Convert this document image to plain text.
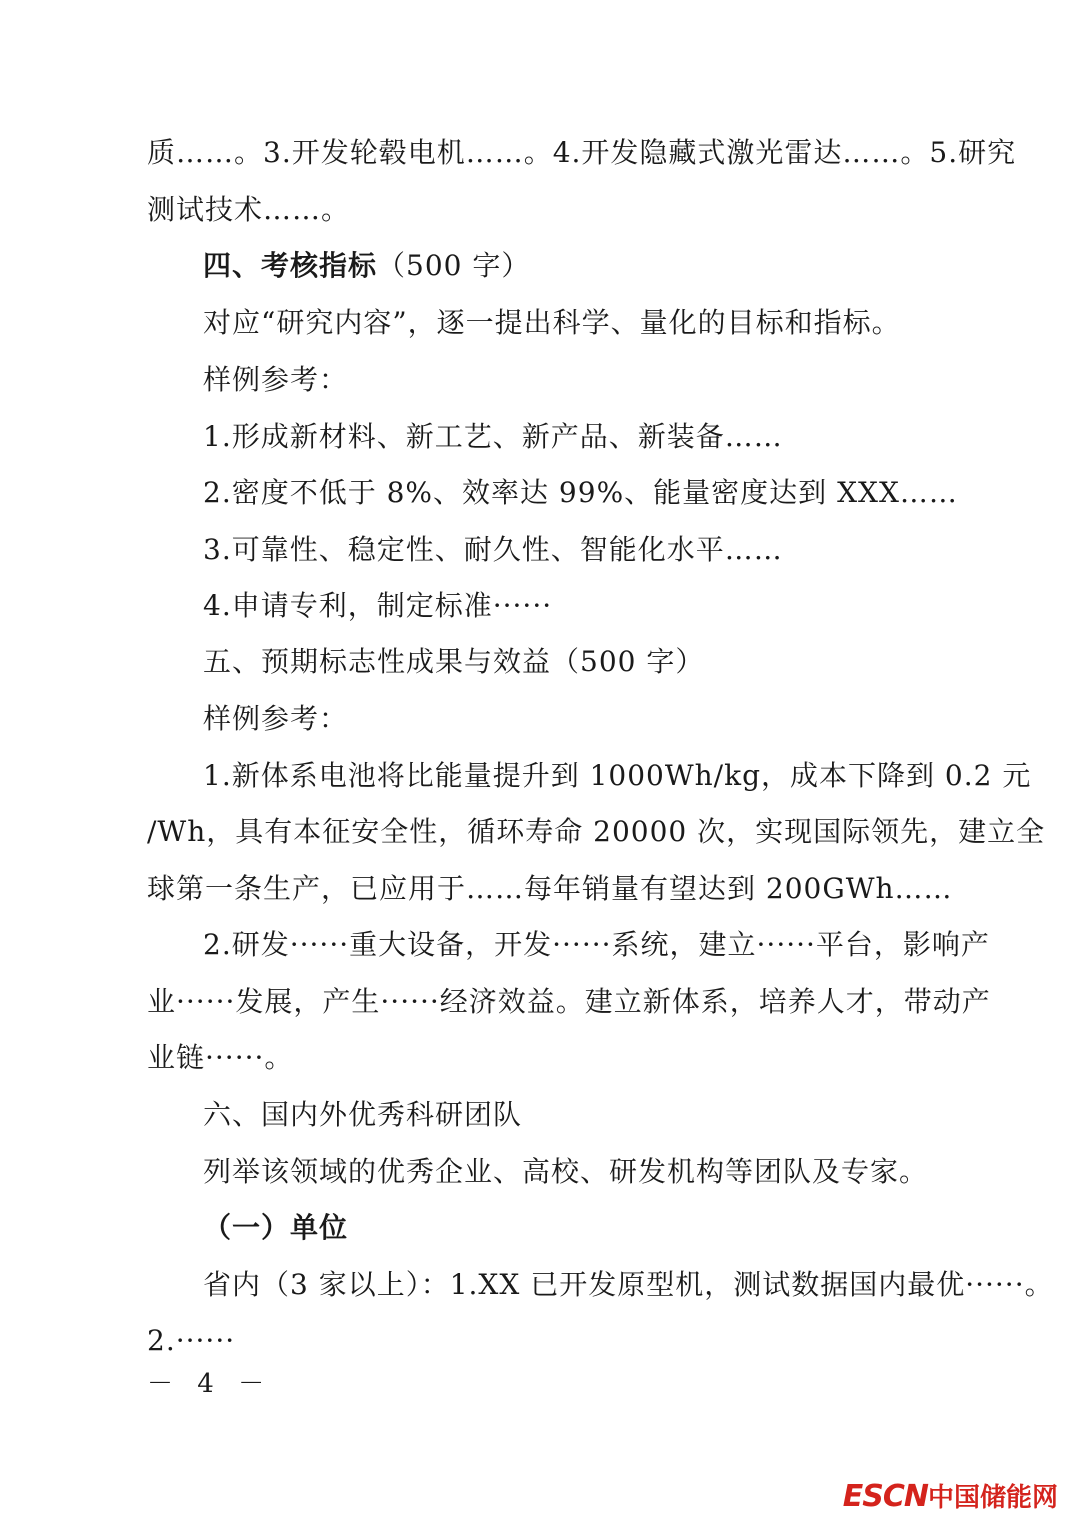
质……。3.开发轮毂电机……。4.开发隐藏式激光雷达……。5.研究
测试技术……。
四、考核指标（500 字）
对应“研究内容”，逐一提出科学、量化的目标和指标。
样例参考：
1.形成新材料、新工艺、新产品、新装备……
2.密度不低于 8%、效率达 99%、能量密度达到 XXX……
3.可靠性、稳定性、耐久性、智能化水平……
4.申请专利，制定标准······
五、预期标志性成果与效益（500 字）
样例参考：
1.新体系电池将比能量提升到 1000Wh/kg，成本下降到 0.2 元
/Wh，具有本征安全性，循环寿命 20000 次，实现国际领先，建立全
球第一条生产，已应用于……每年销量有望达到 200GWh……
2.研发······重大设备，开发······系统，建立······平台，影响产
业······发展，产生······经济效益。建立新体系，培养人才，带动产
业链······。
六、国内外优秀科研团队
列举该领域的优秀企业、高校、研发机构等团队及专家。
（一）单位
省内（3 家以上）：1.XX 已开发原型机，测试数据国内最优······。
2.······
－ 4 －
ESCN中国储能网
